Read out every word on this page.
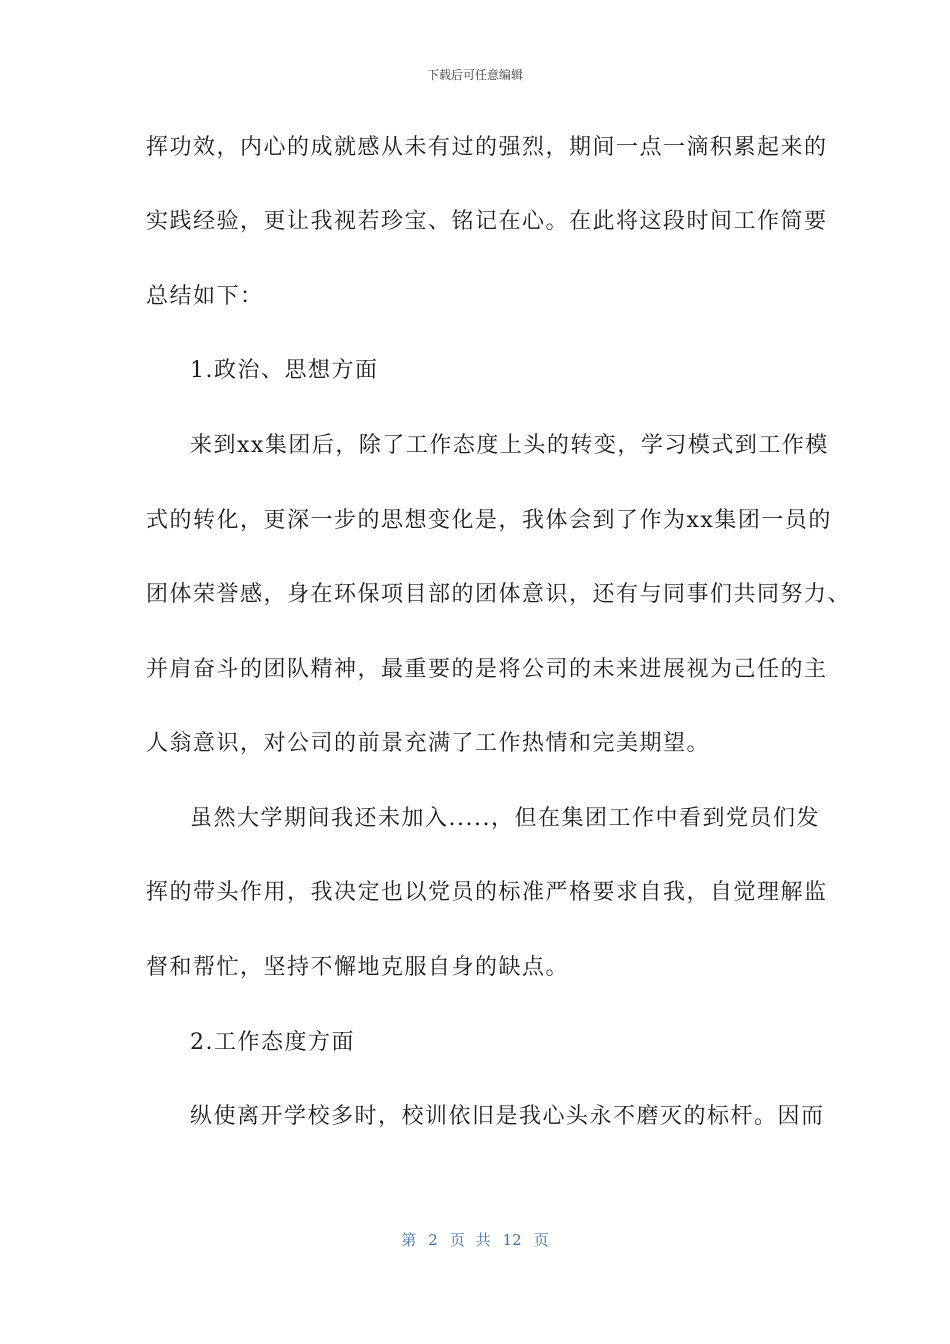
下载后可任意编辑
挥功效，内心的成就感从未有过的强烈，期间一点一滴积累起来的
实践经验，更让我视若珍宝、铭记在心。在此将这段时间工作简要
总结如下：
1.政治、思想方面
来到xx集团后，除了工作态度上头的转变，学习模式到工作模
式的转化，更深一步的思想变化是，我体会到了作为xx集团一员的
团体荣誉感，身在环保项目部的团体意识，还有与同事们共同努力、
并肩奋斗的团队精神，最重要的是将公司的未来进展视为己任的主
人翁意识，对公司的前景充满了工作热情和完美期望。
虽然大学期间我还未加入.....，但在集团工作中看到党员们发
挥的带头作用，我决定也以党员的标准严格要求自我，自觉理解监
督和帮忙，坚持不懈地克服自身的缺点。
2.工作态度方面
纵使离开学校多时，校训依旧是我心头永不磨灭的标杆。因而
第 2 页 共 12 页
